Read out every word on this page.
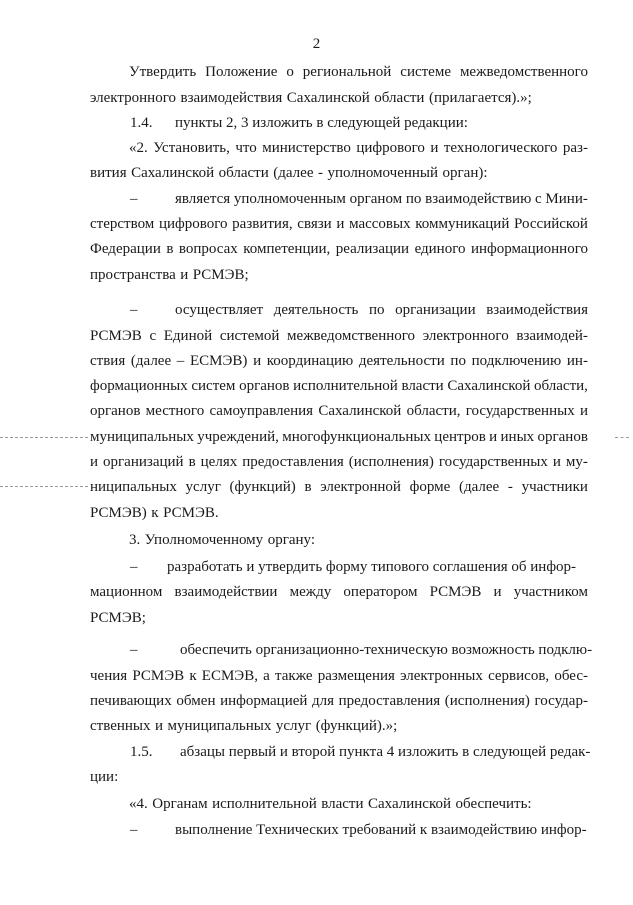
2
Утвердить Положение о региональной системе межведомственного
электронного взаимодействия Сахалинской области (прилагается).»;
1.4. пункты 2, 3 изложить в следующей редакции:
«2. Установить, что министерство цифрового и технологического раз-
вития Сахалинской области (далее - уполномоченный орган):
–	является уполномоченным органом по взаимодействию с Мини-
стерством цифрового развития, связи и массовых коммуникаций Российской
Федерации в вопросах компетенции, реализации единого информационного
пространства и РСМЭВ;
–	осуществляет деятельность по организации взаимодействия
РСМЭВ с Единой системой межведомственного электронного взаимодей-
ствия (далее – ЕСМЭВ) и координацию деятельности по подключению ин-
формационных систем органов исполнительной власти Сахалинской области,
органов местного самоуправления Сахалинской области, государственных и
муниципальных учреждений, многофункциональных центров и иных органов
и организаций в целях предоставления (исполнения) государственных и му-
ниципальных услуг (функций) в электронной форме (далее - участники
РСМЭВ) к РСМЭВ.
3. Уполномоченному органу:
– разработать и утвердить форму типового соглашения об инфор-
мационном взаимодействии между оператором РСМЭВ и участником
РСМЭВ;
–	обеспечить организационно-техническую возможность подклю-
чения РСМЭВ к ЕСМЭВ, а также размещения электронных сервисов, обес-
печивающих обмен информацией для предоставления (исполнения) государ-
ственных и муниципальных услуг (функций).»;
1.5. абзацы первый и второй пункта 4 изложить в следующей редак-
ции:
«4. Органам исполнительной власти Сахалинской обеспечить:
–	выполнение Технических требований к взаимодействию инфор-
